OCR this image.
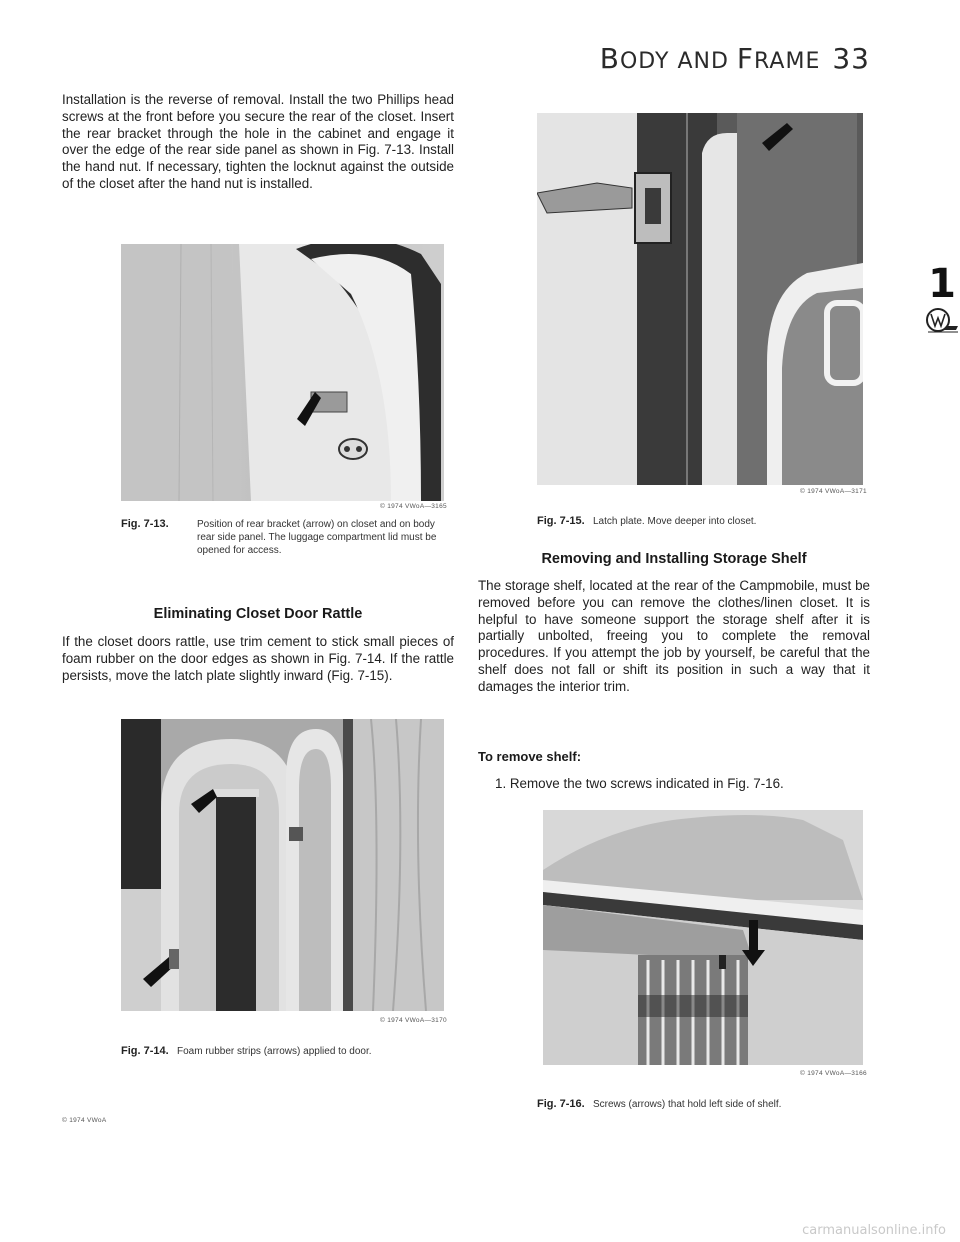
BODY AND FRAME 33
1
Installation is the reverse of removal. Install the two Phillips head screws at the front before you secure the rear of the closet. Insert the rear bracket through the hole in the cabinet and engage it over the edge of the rear side panel as shown in Fig. 7-13. Install the hand nut. If necessary, tighten the locknut against the outside of the closet after the hand nut is installed.
© 1974 VWoA—3165
Fig. 7-13.	Position of rear bracket (arrow) on closet and on body rear side panel. The luggage compartment lid must be opened for access.
Eliminating Closet Door Rattle
If the closet doors rattle, use trim cement to stick small pieces of foam rubber on the door edges as shown in Fig. 7-14. If the rattle persists, move the latch plate slightly inward (Fig. 7-15).
© 1974 VWoA—3170
Fig. 7-14. Foam rubber strips (arrows) applied to door.
© 1974 VWoA—3171
Fig. 7-15. Latch plate. Move deeper into closet.
Removing and Installing Storage Shelf
The storage shelf, located at the rear of the Campmobile, must be removed before you can remove the clothes/linen closet. It is helpful to have someone support the storage shelf after it is partially unbolted, freeing you to complete the removal procedures. If you attempt the job by yourself, be careful that the shelf does not fall or shift its position in such a way that it damages the interior trim.
To remove shelf:
1. Remove the two screws indicated in Fig. 7-16.
© 1974 VWoA—3166
Fig. 7-16. Screws (arrows) that hold left side of shelf.
© 1974 VWoA
carmanualsonline.info
